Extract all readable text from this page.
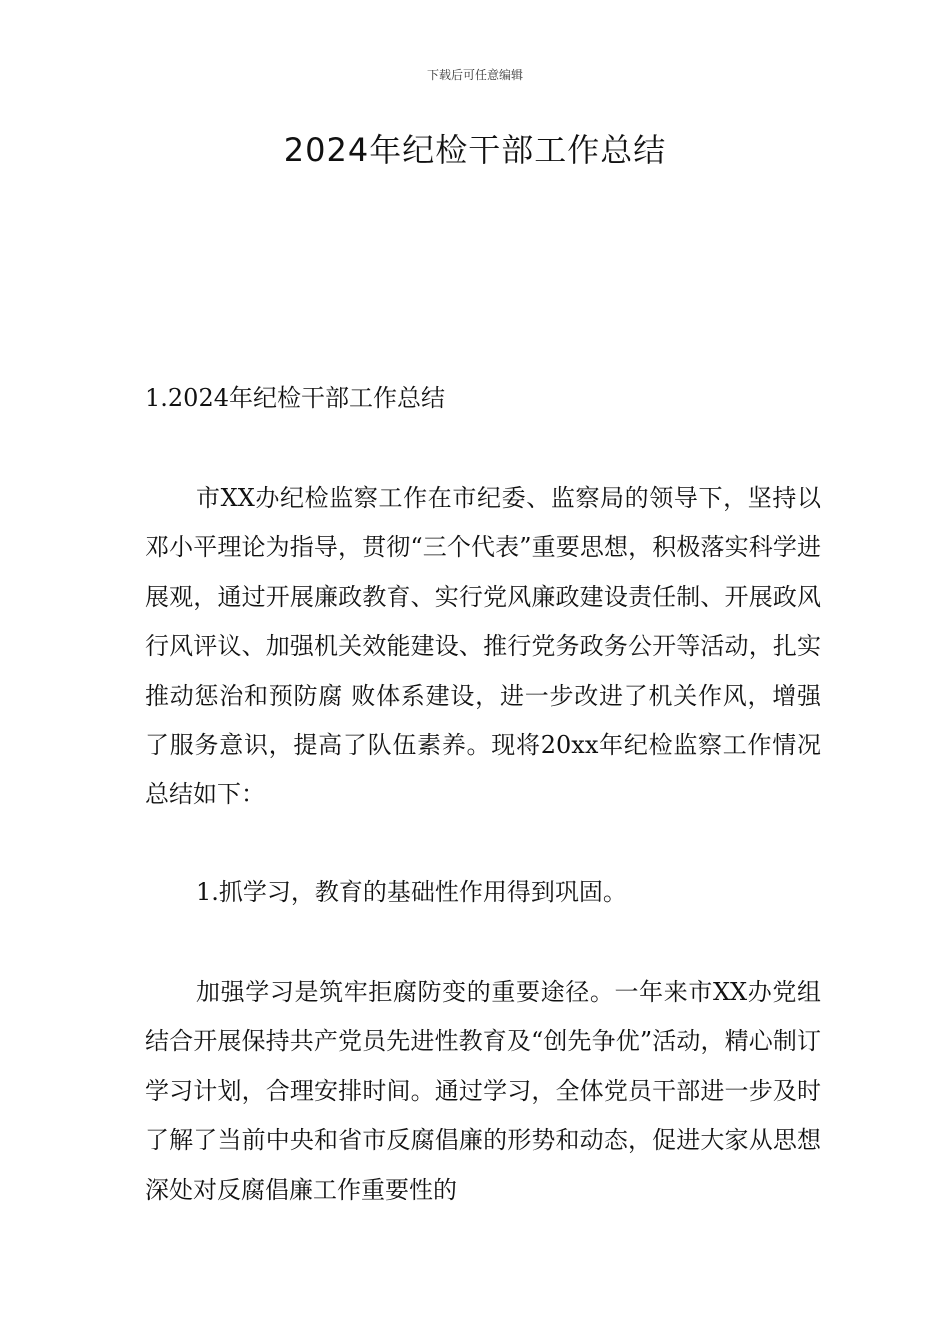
下载后可任意编辑
2024年纪检干部工作总结
1.2024年纪检干部工作总结

市XX办纪检监察工作在市纪委、监察局的领导下，坚持以邓小平理论为指导，贯彻“三个代表”重要思想，积极落实科学进展观，通过开展廉政教育、实行党风廉政建设责任制、开展政风行风评议、加强机关效能建设、推行党务政务公开等活动，扎实推动惩治和预防腐 败体系建设，进一步改进了机关作风，增强了服务意识，提高了队伍素养。现将20xx年纪检监察工作情况总结如下：

1.抓学习，教育的基础性作用得到巩固。

加强学习是筑牢拒腐防变的重要途径。一年来市XX办党组结合开展保持共产党员先进性教育及“创先争优”活动，精心制订学习计划，合理安排时间。通过学习，全体党员干部进一步及时了解了当前中央和省市反腐倡廉的形势和动态，促进大家从思想深处对反腐倡廉工作重要性的
